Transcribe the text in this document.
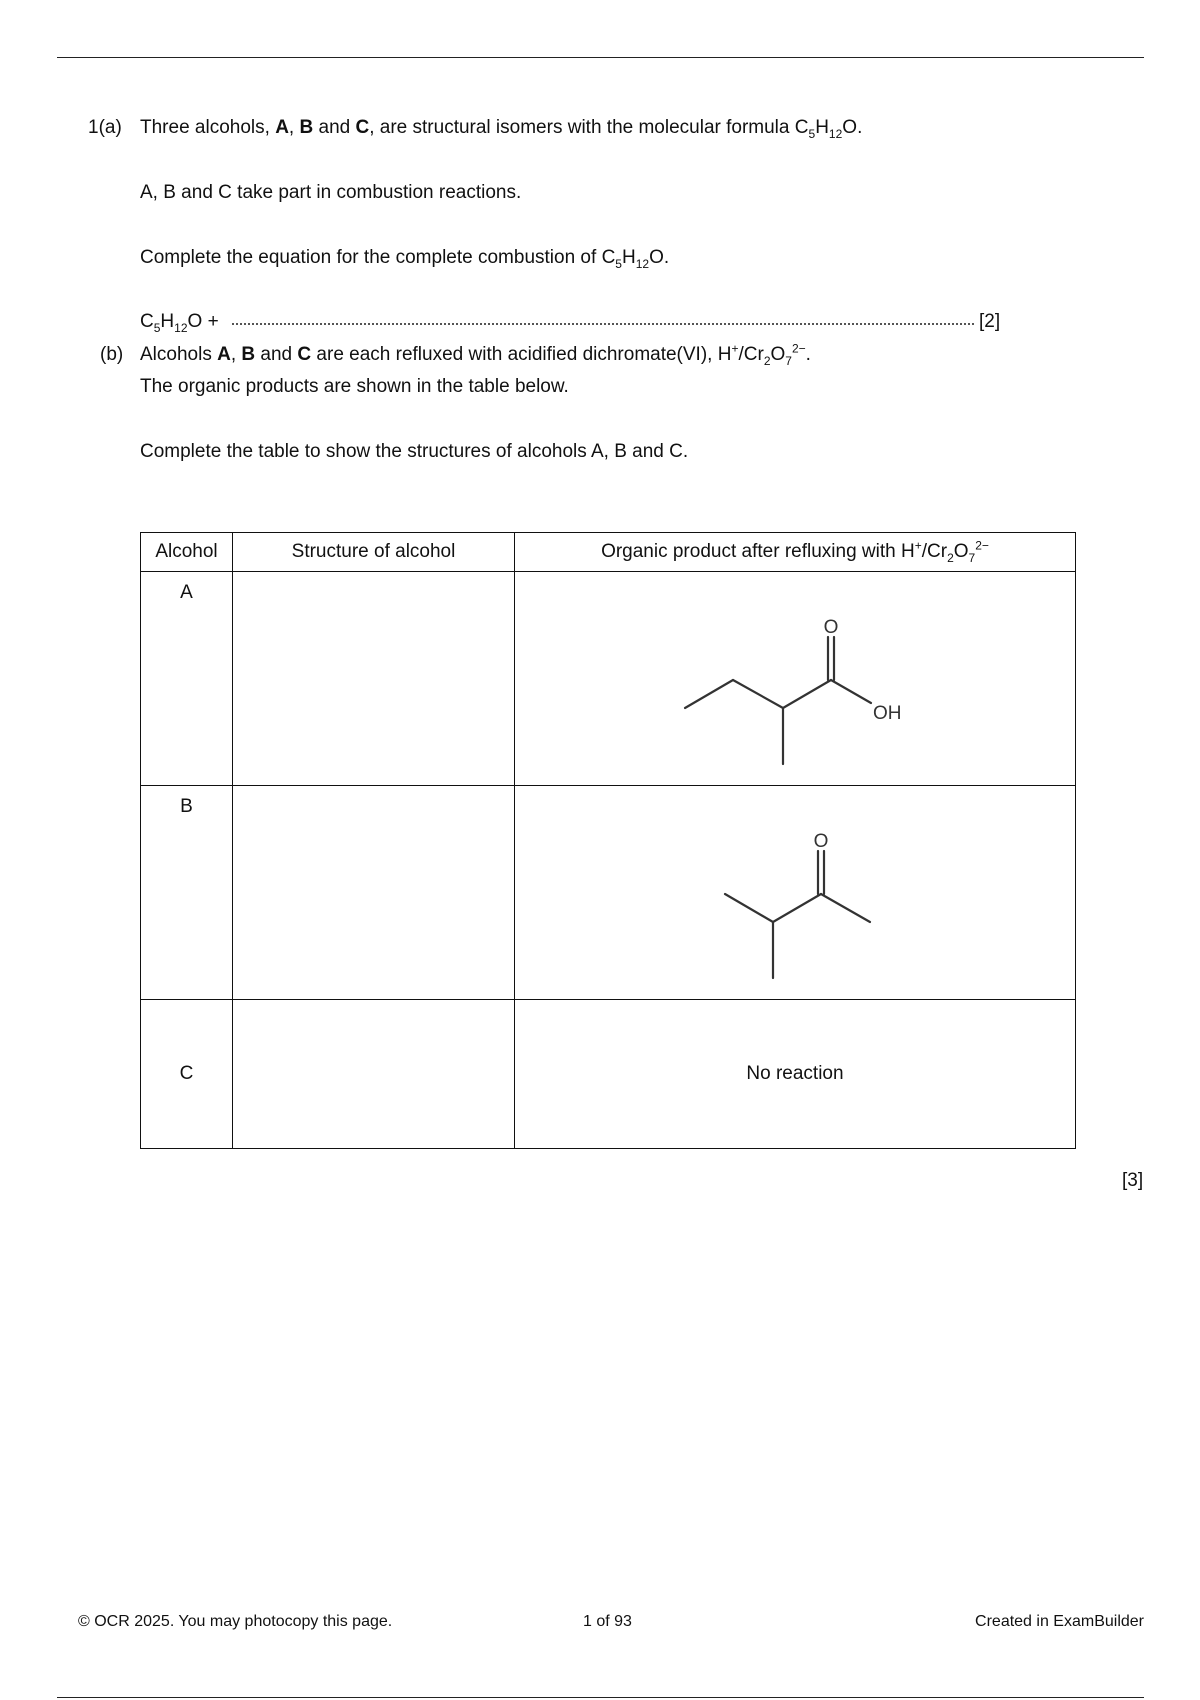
1(a) Three alcohols, A, B and C, are structural isomers with the molecular formula $C_5H_{12}O$.
A, B and C take part in combustion reactions.
Complete the equation for the complete combustion of $C_5H_{12}O$.
$C_5H_{12}O$ +	[2]
(b) Alcohols A, B and C are each refluxed with acidified dichromate(VI), $H^+/Cr_2O_7^{2-}$.
The organic products are shown in the table below.
Complete the table to show the structures of alcohols A, B and C.
Alcohol	Structure of alcohol	Organic product after refluxing with $H^+/Cr_2O_7^{2-}$
A		O
OH

B		O

C		No reaction
[3]
© OCR 2025. You may photocopy this page.	1 of 93	Created in ExamBuilder
